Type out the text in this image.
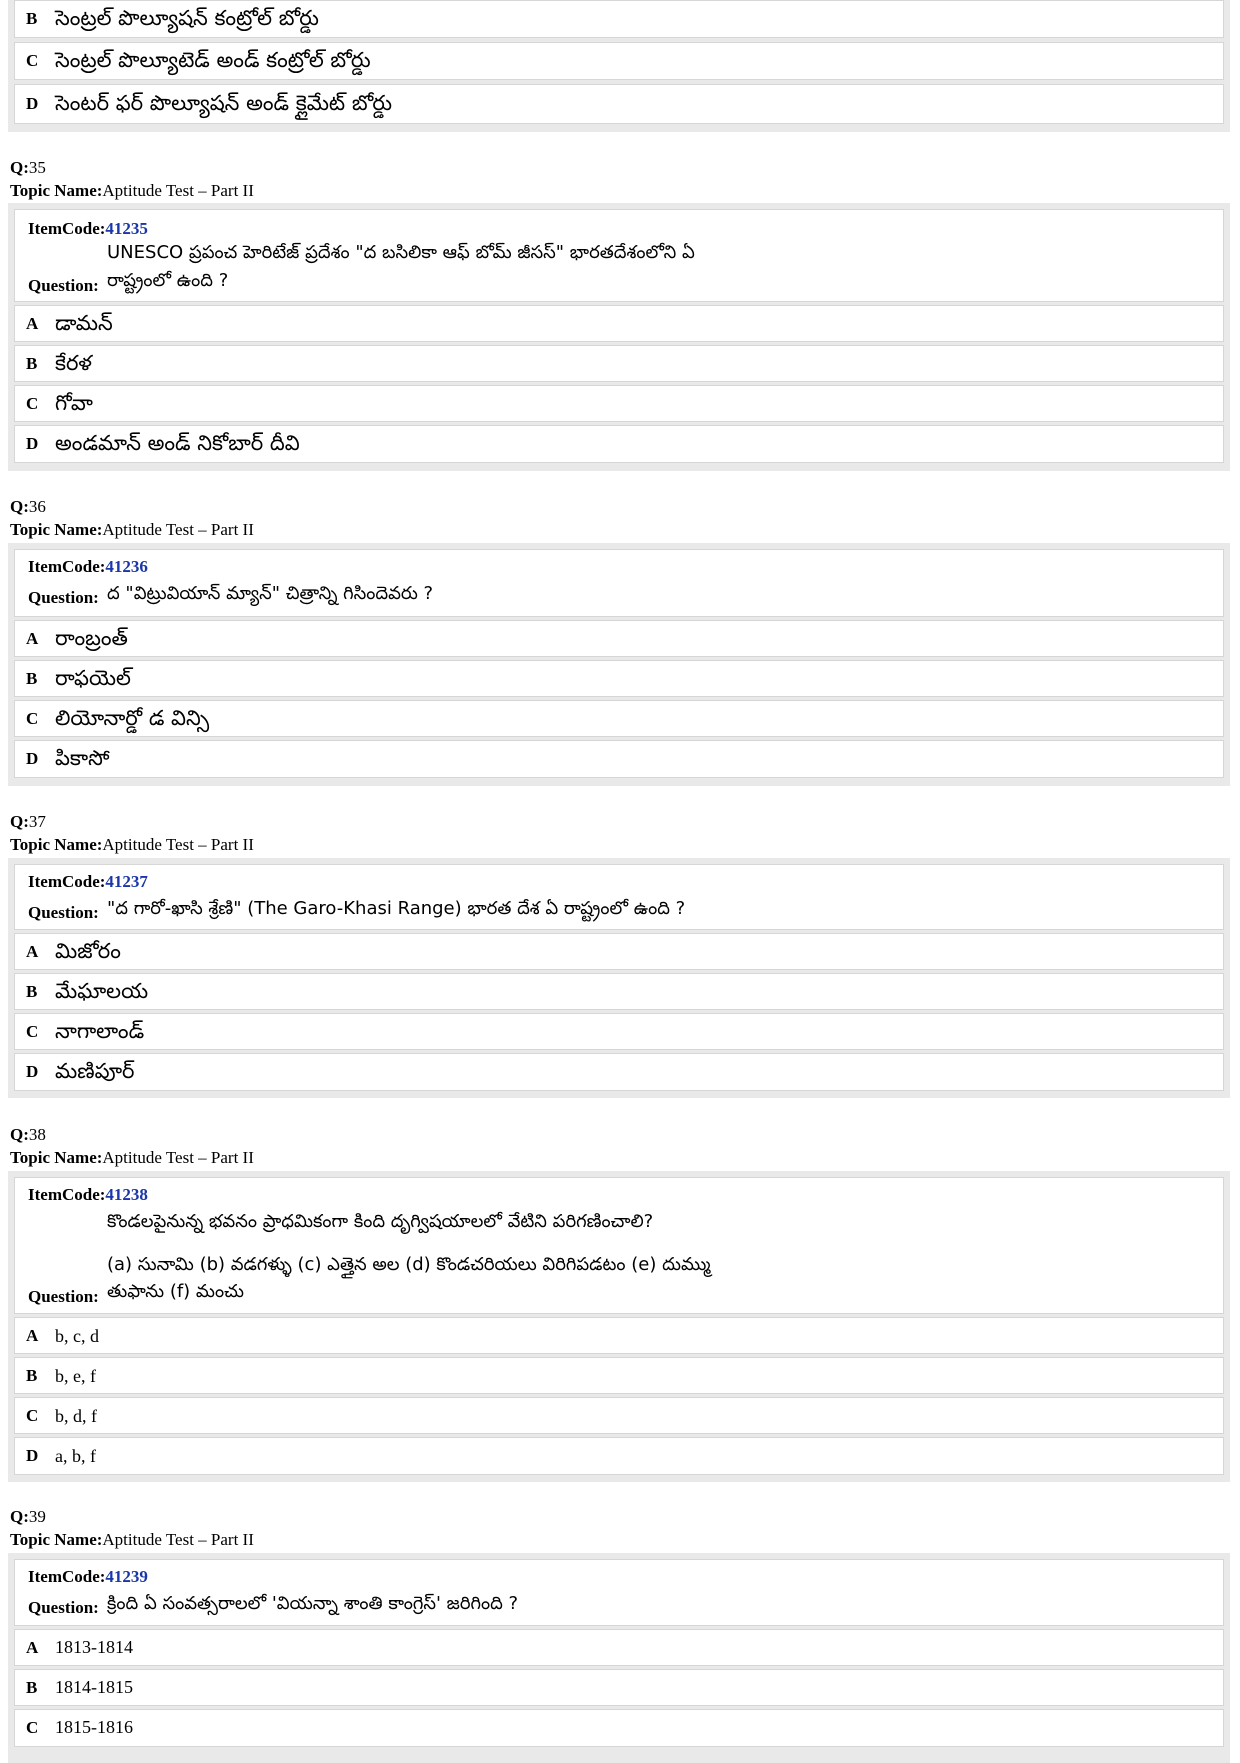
B సెంట్రల్ పొల్యూషన్ కంట్రోల్ బోర్డు
C సెంట్రల్ పొల్యూటెడ్ అండ్ కంట్రోల్ బోర్డు
D సెంటర్ ఫర్ పొల్యూషన్ అండ్ క్లైమేట్ బోర్డు
Q:35
Topic Name:Aptitude Test – Part II
ItemCode:41235
UNESCO ప్రపంచ హెరిటేజ్ ప్రదేశం "ద బసిలికా ఆఫ్ బోమ్ జీసస్" భారతదేశంలోని ఏ
Question: రాష్ట్రంలో ఉంది ?
A డామన్
B కేరళ
C గోవా
D అండమాన్ అండ్ నికోబార్ దీవి
Q:36
Topic Name:Aptitude Test – Part II
ItemCode:41236
Question: ద "విట్రువియాన్ మ్యాన్" చిత్రాన్ని గిసిందెవరు ?
A రాంబ్రంత్
B రాఫయెల్
C లియోనార్డో డ విన్సి
D పికాసో
Q:37
Topic Name:Aptitude Test – Part II
ItemCode:41237
Question: "ద గారో-ఖాసి శ్రేణి" (The Garo-Khasi Range) భారత దేశ ఏ రాష్ట్రంలో ఉంది ?
A మిజోరం
B మేఘాలయ
C నాగాలాండ్
D మణిపూర్
Q:38
Topic Name:Aptitude Test – Part II
ItemCode:41238
కొండలపైనున్న భవనం ప్రాధమికంగా కింది దృగ్విషయాలలో వేటిని పరిగణించాలి?
(a) సునామి (b) వడగళ్ళు (c) ఎత్తైన అల (d) కొండచరియలు విరిగిపడటం (e) దుమ్ము
Question: తుఫాను (f) మంచు
A b, c, d
B b, e, f
C b, d, f
D a, b, f
Q:39
Topic Name:Aptitude Test – Part II
ItemCode:41239
Question: క్రింది ఏ సంవత్సరాలలో 'వియన్నా శాంతి కాంగ్రెస్' జరిగింది ?
A 1813-1814
B 1814-1815
C 1815-1816
